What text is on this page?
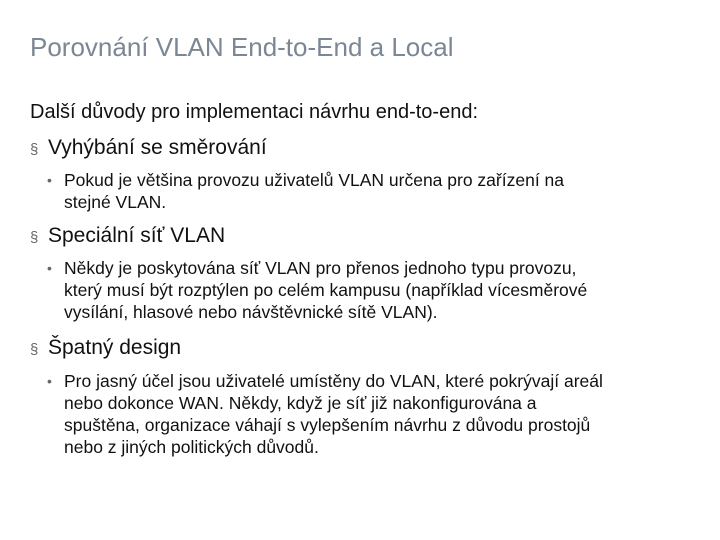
Porovnání VLAN End-to-End a Local

Další důvody pro implementaci návrhu end-to-end:

§ Vyhýbání se směrování
• Pokud je většina provozu uživatelů VLAN určena pro zařízení na
stejné VLAN.
§ Speciální síť VLAN
• Někdy je poskytována síť VLAN pro přenos jednoho typu provozu,
který musí být rozptýlen po celém kampusu (například vícesměrové
vysílání, hlasové nebo návštěvnické sítě VLAN).
§ Špatný design
• Pro jasný účel jsou uživatelé umístěny do VLAN, které pokrývají areál
nebo dokonce WAN. Někdy, když je síť již nakonfigurována a
spuštěna, organizace váhají s vylepšením návrhu z důvodu prostojů
nebo z jiných politických důvodů.
